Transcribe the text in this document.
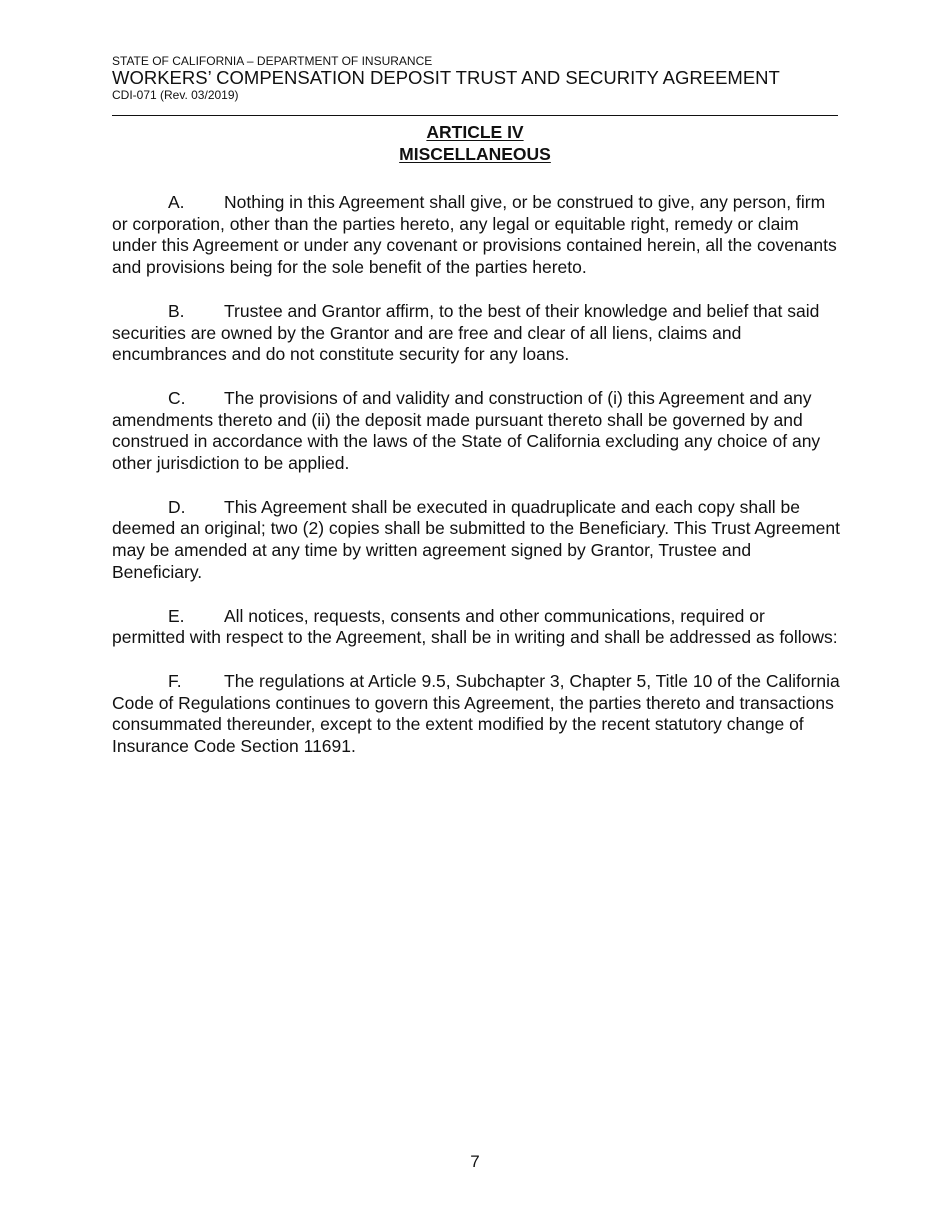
STATE OF CALIFORNIA – DEPARTMENT OF INSURANCE

WORKERS’ COMPENSATION DEPOSIT TRUST AND SECURITY AGREEMENT

CDI-071 (Rev. 03/2019)

ARTICLE IV
MISCELLANEOUS

A. Nothing in this Agreement shall give, or be construed to give, any person, firm or corporation, other than the parties hereto, any legal or equitable right, remedy or claim under this Agreement or under any covenant or provisions contained herein, all the covenants and provisions being for the sole benefit of the parties hereto.

B. Trustee and Grantor affirm, to the best of their knowledge and belief that said securities are owned by the Grantor and are free and clear of all liens, claims and encumbrances and do not constitute security for any loans.

C. The provisions of and validity and construction of (i) this Agreement and any amendments thereto and (ii) the deposit made pursuant thereto shall be governed by and construed in accordance with the laws of the State of California excluding any choice of any other jurisdiction to be applied.

D. This Agreement shall be executed in quadruplicate and each copy shall be deemed an original; two (2) copies shall be submitted to the Beneficiary. This Trust Agreement may be amended at any time by written agreement signed by Grantor, Trustee and Beneficiary.

E. All notices, requests, consents and other communications, required or permitted with respect to the Agreement, shall be in writing and shall be addressed as follows:

F. The regulations at Article 9.5, Subchapter 3, Chapter 5, Title 10 of the California Code of Regulations continues to govern this Agreement, the parties thereto and transactions consummated thereunder, except to the extent modified by the recent statutory change of Insurance Code Section 11691.

7
